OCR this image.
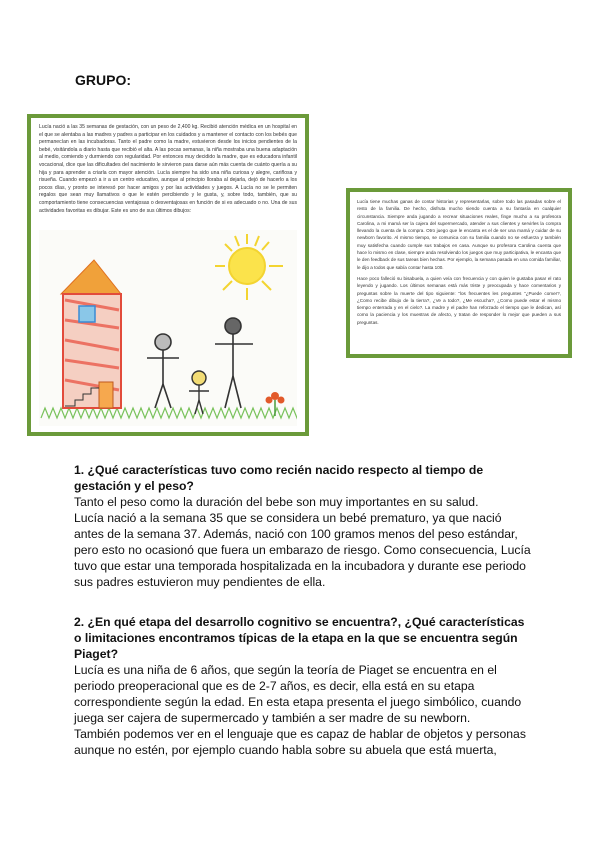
GRUPO:

Lucía nació a las 35 semanas de gestación, con un peso de 2,400 kg. Recibió atención médica en un hospital en el que se alentaba a las madres y padres a participar en los cuidados y a mantener el contacto con los bebés que permanecían en las incubadoras. Tanto el padre como la madre, estuvieron desde los inicios pendientes de la bebé, visitándola a diario hasta que recibió el alta. A las pocas semanas, la niña mostraba una buena adaptación al medio, comiendo y durmiendo con regularidad. Por entonces muy decidido la madre, que es educadora infantil vocacional, dice que las dificultades del nacimiento le sirvieron para darse aún más cuenta de cuánto quería a su hija y para aprender a criarla con mayor atención. Lucía siempre ha sido una niña curiosa y alegre, cariñosa y risueña. Cuando empezó a ir a un centro educativo, aunque al principio lloraba al dejarla, dejó de hacerlo a los pocos días, y pronto se interesó por hacer amigos y por las actividades y juegos. A Lucía no se le permiten regalos que sean muy llamativos o que le estén percibiendo y le gusta, y, sobre todo, también, que su comportamiento tiene consecuencias ventajosas o desventajosas en función de si es adecuado o no. Una de sus actividades favoritas es dibujar. Este es uno de sus últimos dibujos:

Lucía tiene muchas ganas de contar historias y representarlas, sobre todo las pasadas sobre el resto de la familia. De hecho, disfruta mucho siendo cuenta a su fantasía en cualquier circunstancia. Siempre anda jugando a recrear situaciones reales, finge mucho a su profesora Carolina, a mi mamá ser la cajera del supermercado, atender a sus clientes y servirles la compra llevando la cuenta de la compra. Otro juego que le encanta es el de ser una mamá y cuidar de su newborn favorito. Al mismo tiempo, se comunica con su familia cuando no se esfuerza y también muy satisfecha cuando cumple sus trabajos en casa. Aunque su profesora Carolina cuenta que hace lo mismo en clase, siempre anda resolviendo los juegos que muy participativa, le encanta que le den feedback de sus tareas bien hechas. Por ejemplo, la semana pasada en una comida familiar, le dijo a todos que sabía contar hasta 100.

Hace poco falleció su bisabuela, a quien veía con frecuencia y con quien le gustaba pasar el rato leyendo y jugando. Los últimos semanas está más triste y preocupada y hace comentarios y preguntas sobre la muerte del tipo siguiente: "los frecuentes les preguntes "¿Puede comer?, ¿Como recibe dibujo de la tierra?, ¿Ve a todo?, ¿Me escucha?, ¿Como puede estar el mismo tiempo enterrada y en el cielo?. La madre y el padre han reforzado el tiempo que le dedican, así como la paciencia y los muestras de afecto, y tratan de responder lo mejor que pueden a sus preguntas.

1. ¿Qué características tuvo como recién nacido respecto al tiempo de gestación y el peso?

Tanto el peso como la duración del bebe son muy importantes en su salud.

Lucía nació a la semana 35 que se considera un bebé prematuro, ya que nació antes de la semana 37. Además, nació con 100 gramos menos del peso estándar, pero esto no ocasionó que fuera un embarazo de riesgo. Como consecuencia, Lucía tuvo que estar una temporada hospitalizada en la incubadora y durante ese periodo sus padres estuvieron muy pendientes de ella.

2. ¿En qué etapa del desarrollo cognitivo se encuentra?, ¿Qué características o limitaciones encontramos típicas de la etapa en la que se encuentra según Piaget?

Lucía es una niña de 6 años, que según la teoría de Piaget se encuentra en el periodo preoperacional que es de 2-7 años, es decir, ella está en su etapa correspondiente según la edad. En esta etapa presenta el juego simbólico, cuando juega ser cajera de supermercado y también a ser madre de su newborn.

También podemos ver en el lenguaje que es capaz de hablar de objetos y personas aunque no estén, por ejemplo cuando habla sobre su abuela que está muerta,
